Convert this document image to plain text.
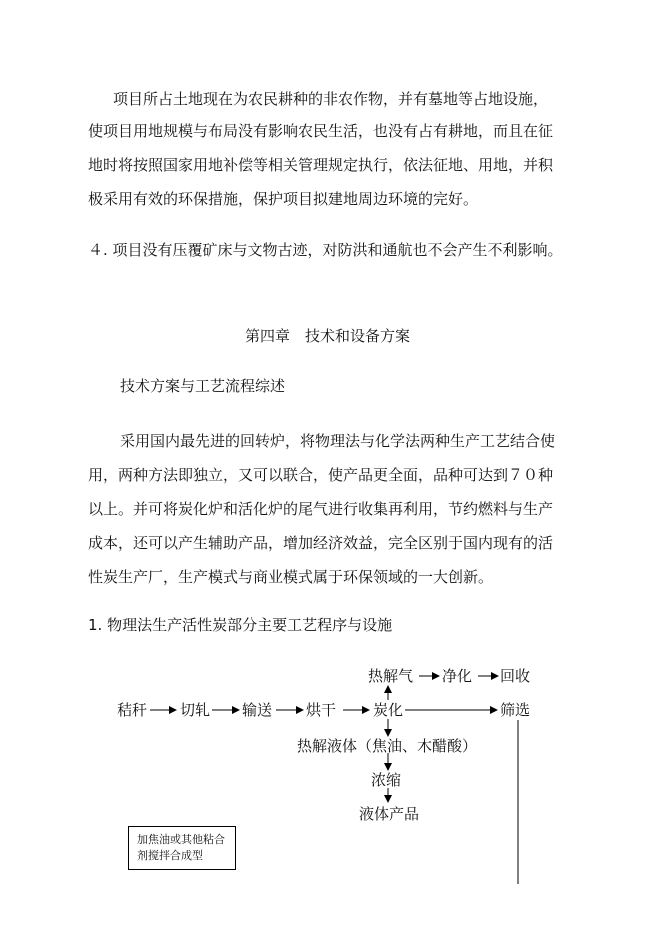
项目所占土地现在为农民耕种的非农作物，并有墓地等占地设施，
使项目用地规模与布局没有影响农民生活，也没有占有耕地，而且在征
地时将按照国家用地补偿等相关管理规定执行，依法征地、用地，并积
极采用有效的环保措施，保护项目拟建地周边环境的完好。
４. 项目没有压覆矿床与文物古迹，对防洪和通航也不会产生不利影响。
第四章　技术和设备方案
技术方案与工艺流程综述
采用国内最先进的回转炉，将物理法与化学法两种生产工艺结合使
用，两种方法即独立，又可以联合，使产品更全面，品种可达到７０种
以上。并可将炭化炉和活化炉的尾气进行收集再利用，节约燃料与生产
成本，还可以产生辅助产品，增加经济效益，完全区别于国内现有的活
性炭生产厂，生产模式与商业模式属于环保领域的一大创新。
1. 物理法生产活性炭部分主要工艺程序与设施
秸秆 切轧 输送 烘干 炭化	筛选
热解气 净化 回收
热解液体（焦油、木醋酸）
浓缩
液体产品
加焦油或其他粘合
剂搅拌合成型
